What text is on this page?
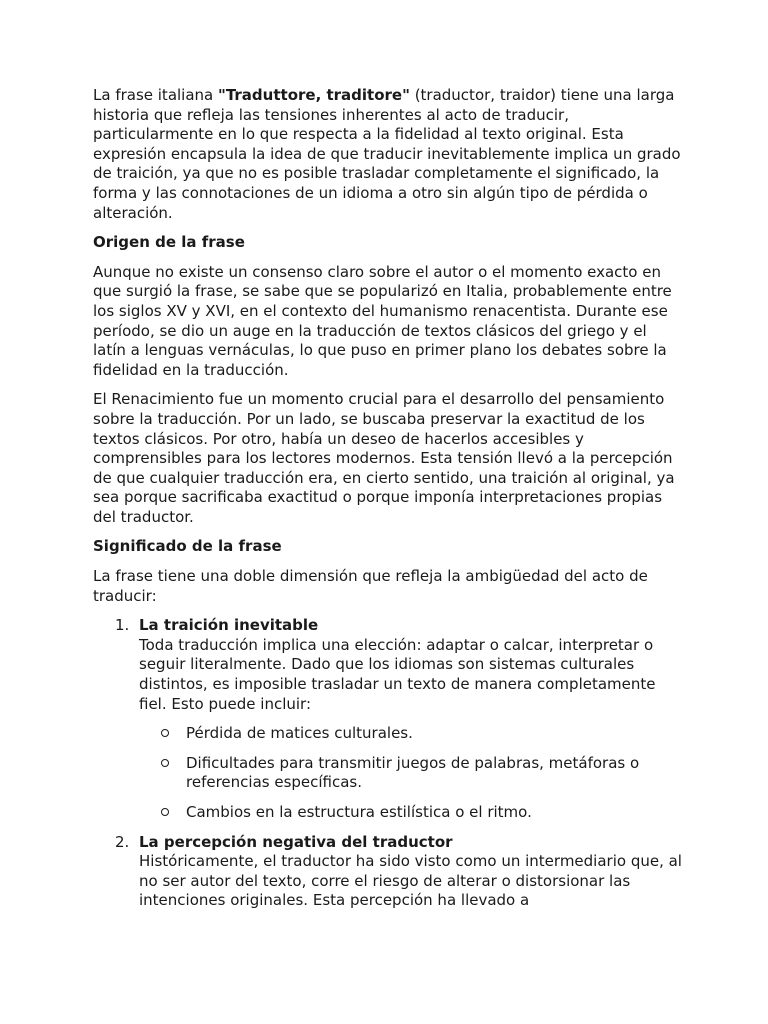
La frase italiana "Traduttore, traditore" (traductor, traidor) tiene una larga historia que refleja las tensiones inherentes al acto de traducir, particularmente en lo que respecta a la fidelidad al texto original. Esta expresión encapsula la idea de que traducir inevitablemente implica un grado de traición, ya que no es posible trasladar completamente el significado, la forma y las connotaciones de un idioma a otro sin algún tipo de pérdida o alteración.

Origen de la frase

Aunque no existe un consenso claro sobre el autor o el momento exacto en que surgió la frase, se sabe que se popularizó en Italia, probablemente entre los siglos XV y XVI, en el contexto del humanismo renacentista. Durante ese período, se dio un auge en la traducción de textos clásicos del griego y el latín a lenguas vernáculas, lo que puso en primer plano los debates sobre la fidelidad en la traducción.

El Renacimiento fue un momento crucial para el desarrollo del pensamiento sobre la traducción. Por un lado, se buscaba preservar la exactitud de los textos clásicos. Por otro, había un deseo de hacerlos accesibles y comprensibles para los lectores modernos. Esta tensión llevó a la percepción de que cualquier traducción era, en cierto sentido, una traición al original, ya sea porque sacrificaba exactitud o porque imponía interpretaciones propias del traductor.

Significado de la frase

La frase tiene una doble dimensión que refleja la ambigüedad del acto de traducir:

1. La traición inevitable
Toda traducción implica una elección: adaptar o calcar, interpretar o seguir literalmente. Dado que los idiomas son sistemas culturales distintos, es imposible trasladar un texto de manera completamente fiel. Esto puede incluir:
Pérdida de matices culturales.
Dificultades para transmitir juegos de palabras, metáforas o referencias específicas.
Cambios en la estructura estilística o el ritmo.
2. La percepción negativa del traductor
Históricamente, el traductor ha sido visto como un intermediario que, al no ser autor del texto, corre el riesgo de alterar o distorsionar las intenciones originales. Esta percepción ha llevado a
